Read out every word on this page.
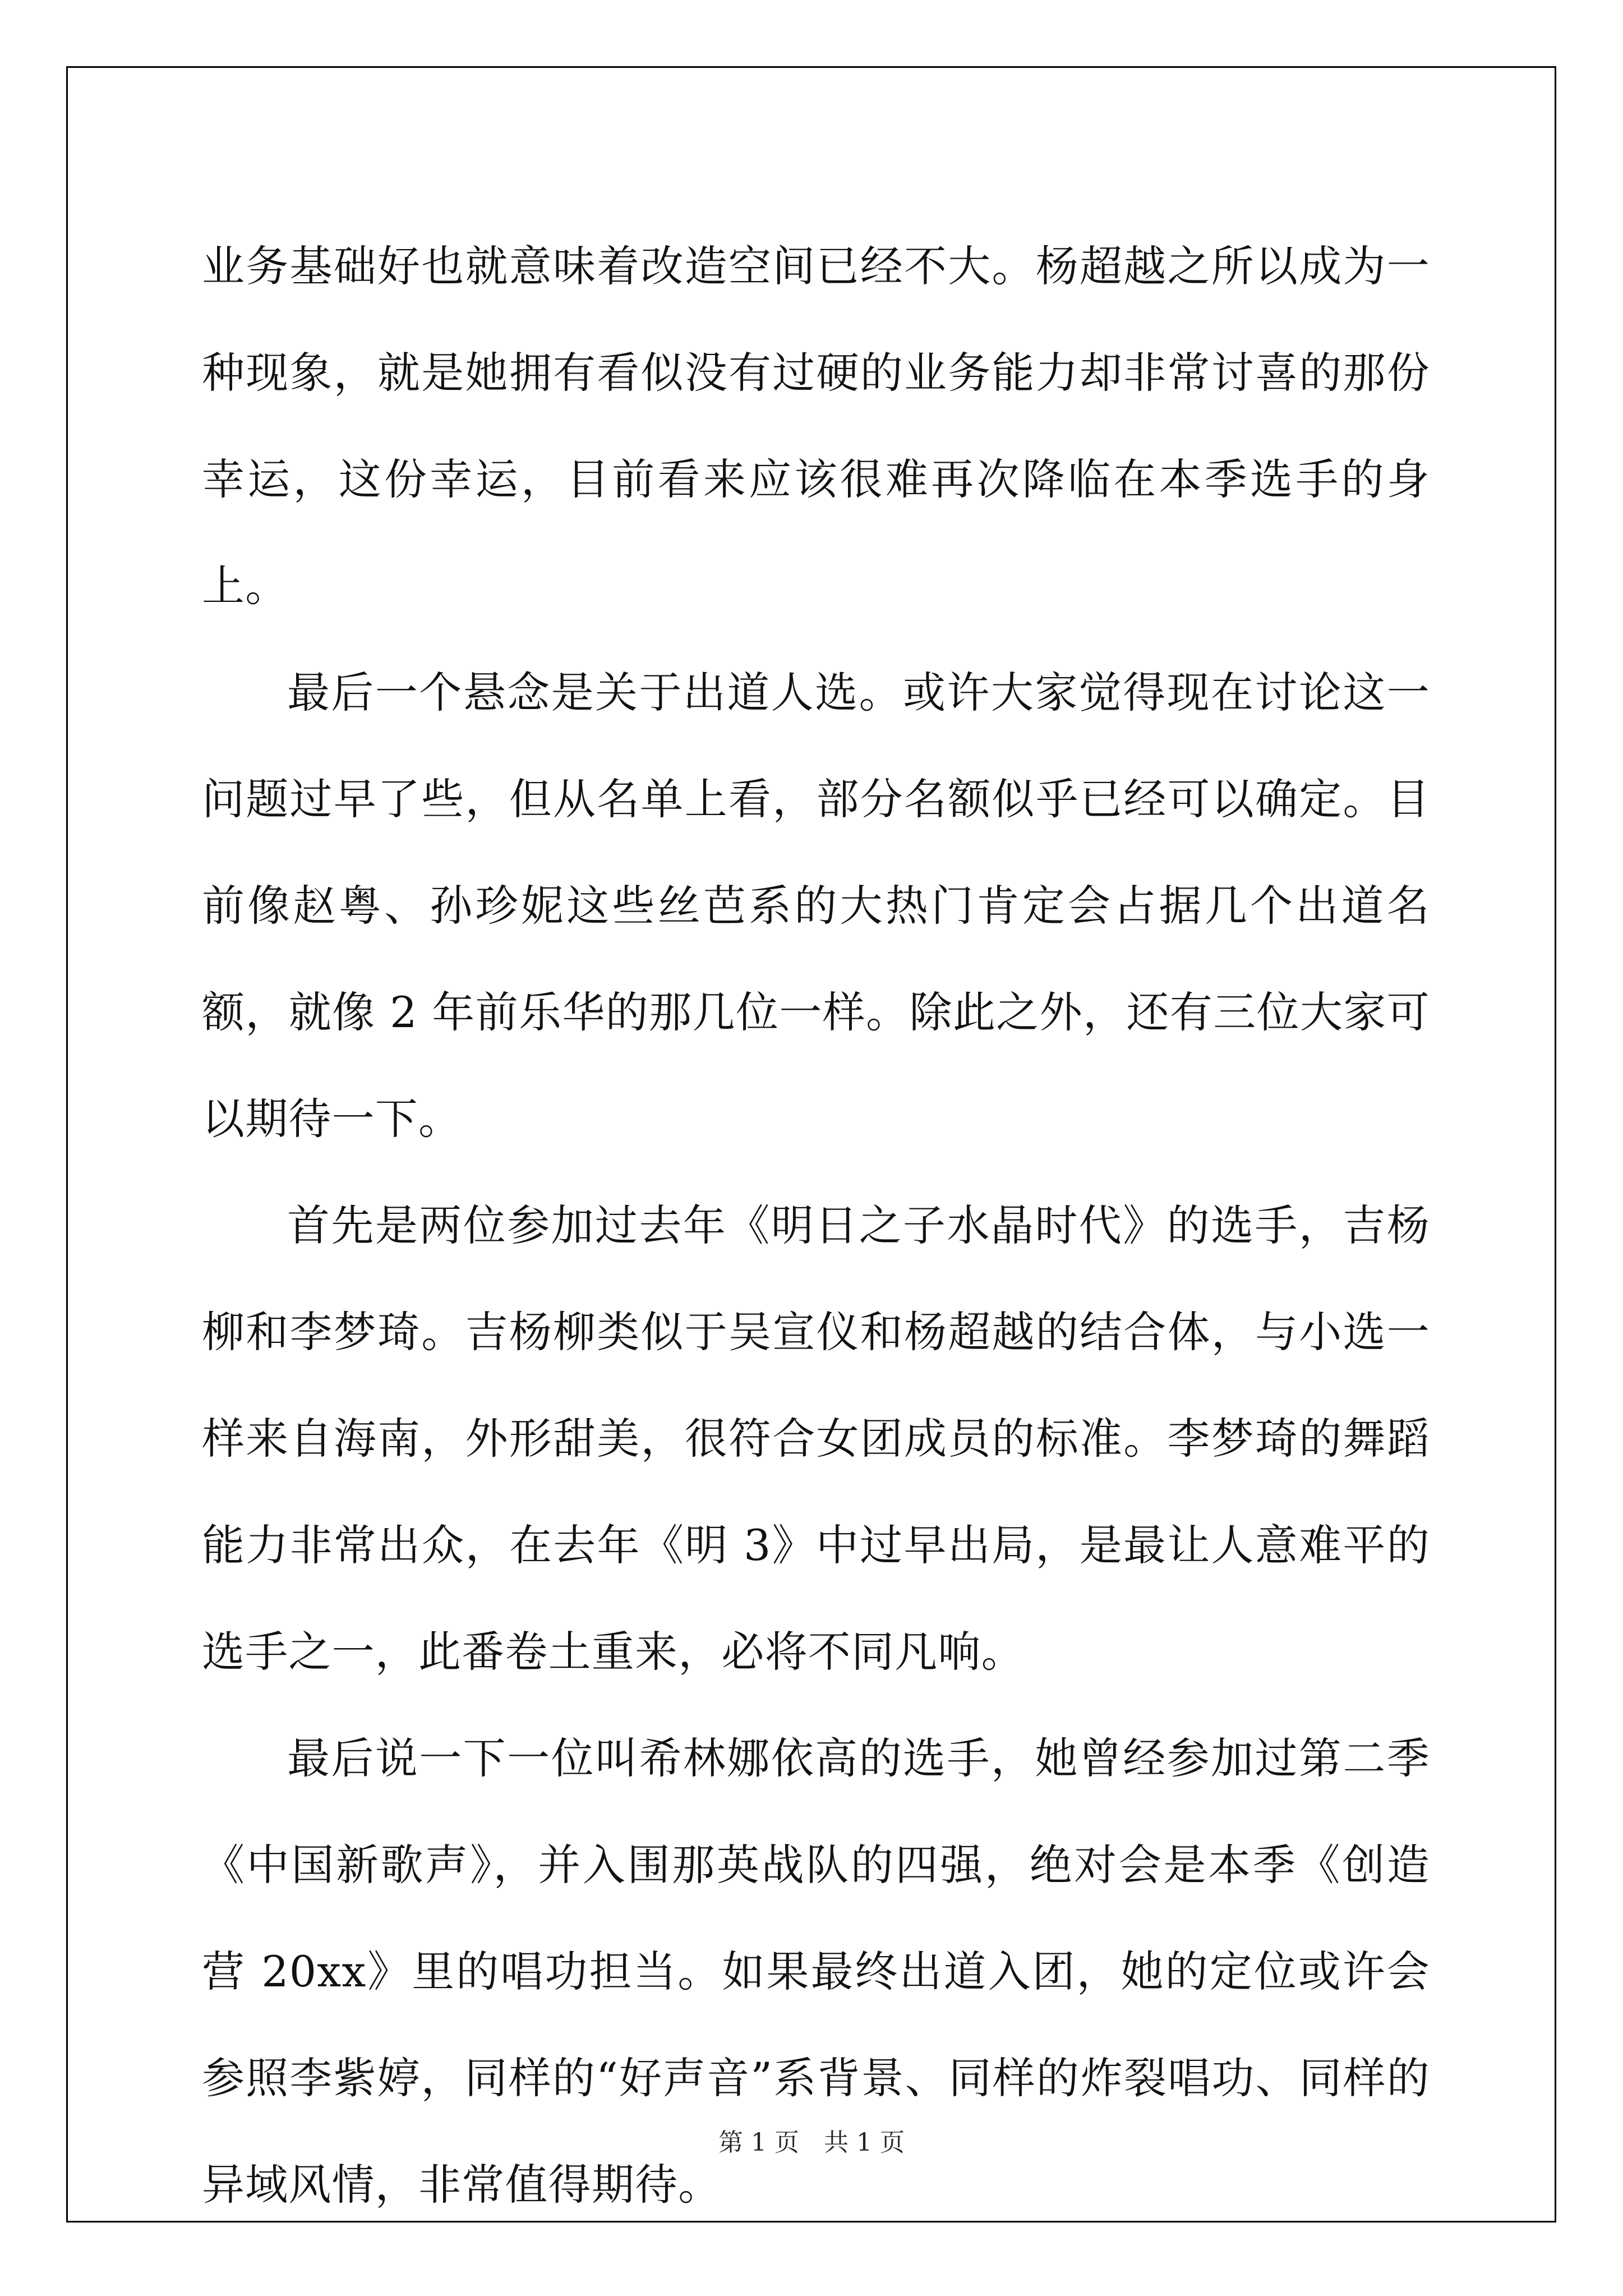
业务基础好也就意味着改造空间已经不大。杨超越之所以成为一种现象，就是她拥有看似没有过硬的业务能力却非常讨喜的那份幸运，这份幸运，目前看来应该很难再次降临在本季选手的身上。

最后一个悬念是关于出道人选。或许大家觉得现在讨论这一问题过早了些，但从名单上看，部分名额似乎已经可以确定。目前像赵粤、孙珍妮这些丝芭系的大热门肯定会占据几个出道名额，就像 2 年前乐华的那几位一样。除此之外，还有三位大家可以期待一下。

首先是两位参加过去年《明日之子水晶时代》的选手，吉杨柳和李梦琦。吉杨柳类似于吴宣仪和杨超越的结合体，与小选一样来自海南，外形甜美，很符合女团成员的标准。李梦琦的舞蹈能力非常出众，在去年《明 3》中过早出局，是最让人意难平的选手之一，此番卷土重来，必将不同凡响。

最后说一下一位叫希林娜依高的选手，她曾经参加过第二季《中国新歌声》，并入围那英战队的四强，绝对会是本季《创造营 20xx》里的唱功担当。如果最终出道入团，她的定位或许会参照李紫婷，同样的“好声音”系背景、同样的炸裂唱功、同样的异域风情，非常值得期待。

第 1 页 共 1 页
